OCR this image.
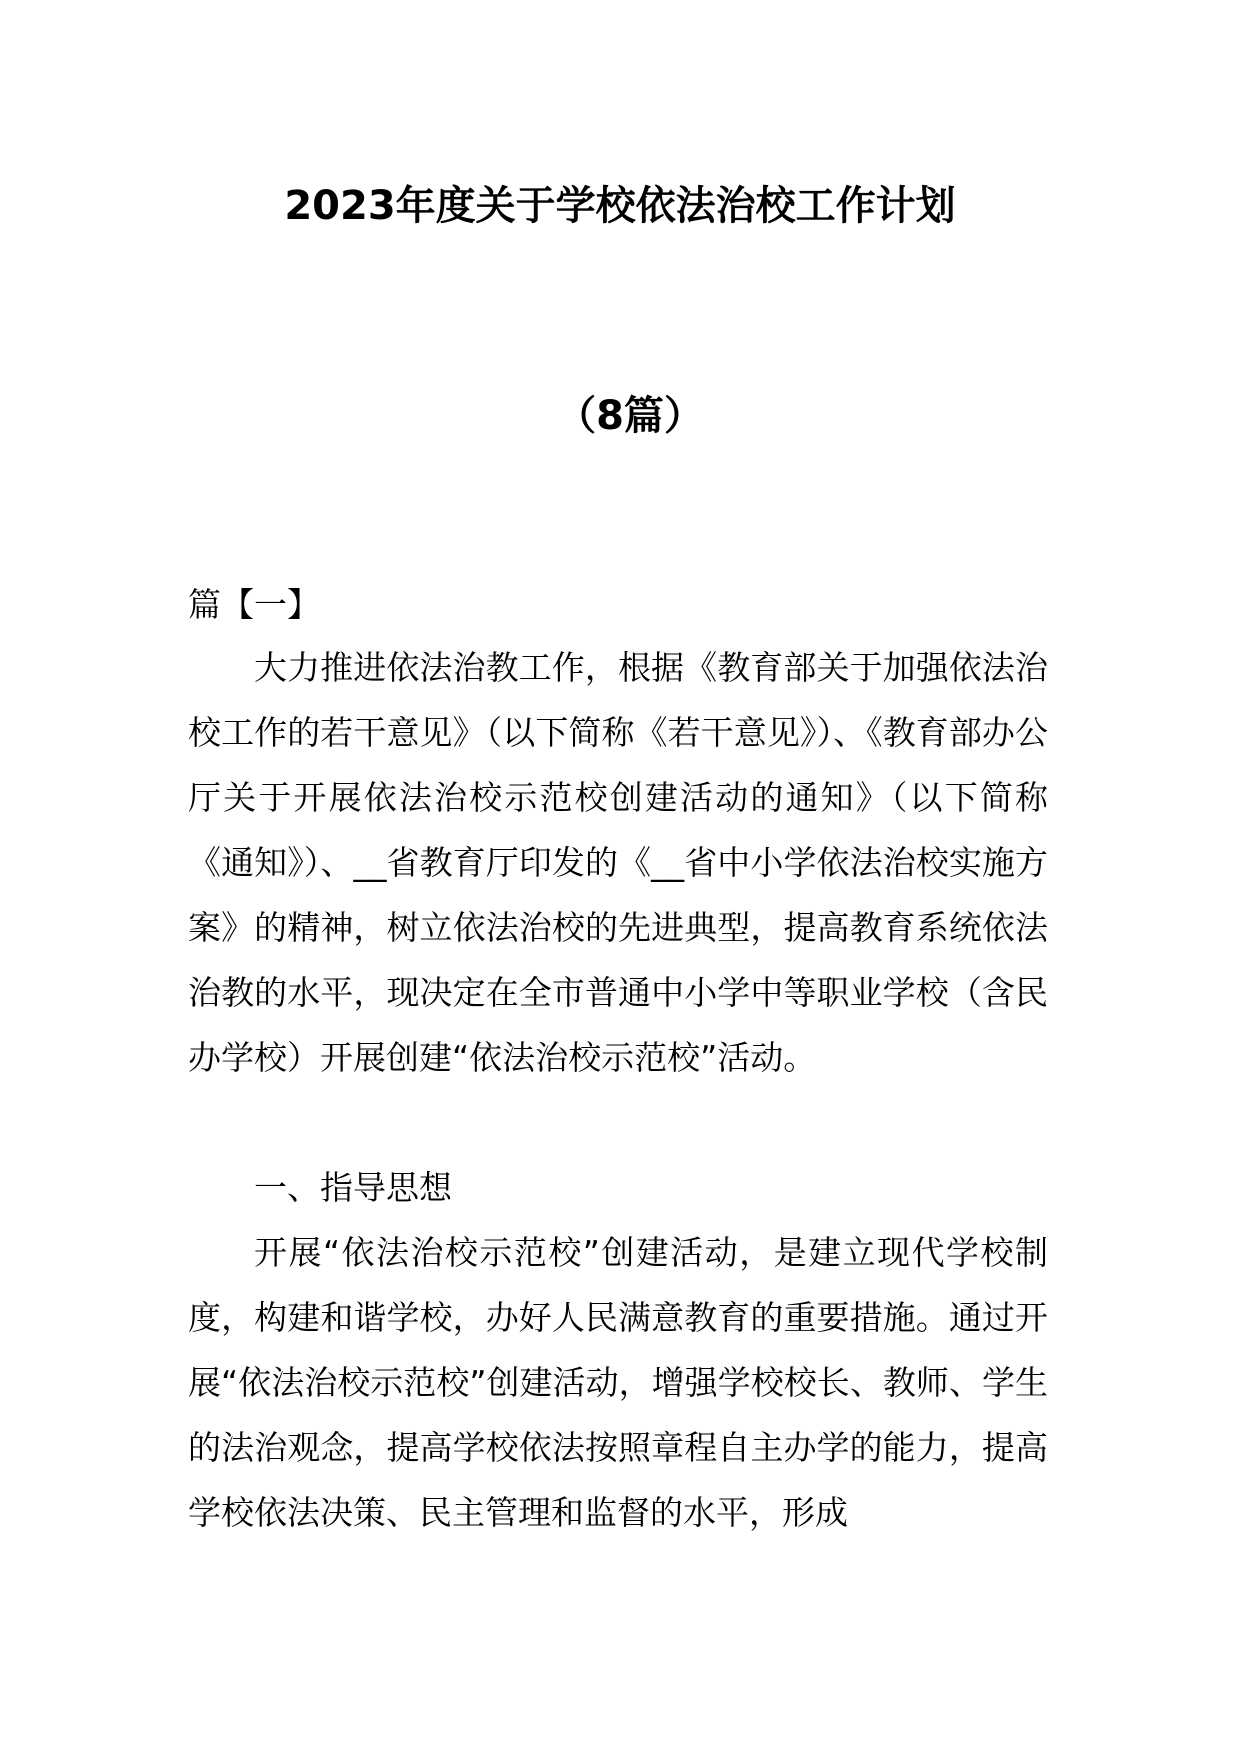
2023年度关于学校依法治校工作计划
（8篇）

篇【一】

大力推进依法治教工作，根据《教育部关于加强依法治校工作的若干意见》（以下简称《若干意见》）、《教育部办公厅关于开展依法治校示范校创建活动的通知》（以下简称《通知》）、__省教育厅印发的《__省中小学依法治校实施方案》的精神，树立依法治校的先进典型，提高教育系统依法治教的水平，现决定在全市普通中小学中等职业学校（含民办学校）开展创建“依法治校示范校”活动。

一、指导思想

开展“依法治校示范校”创建活动，是建立现代学校制度，构建和谐学校，办好人民满意教育的重要措施。通过开展“依法治校示范校”创建活动，增强学校校长、教师、学生的法治观念，提高学校依法按照章程自主办学的能力，提高学校依法决策、民主管理和监督的水平，形成
